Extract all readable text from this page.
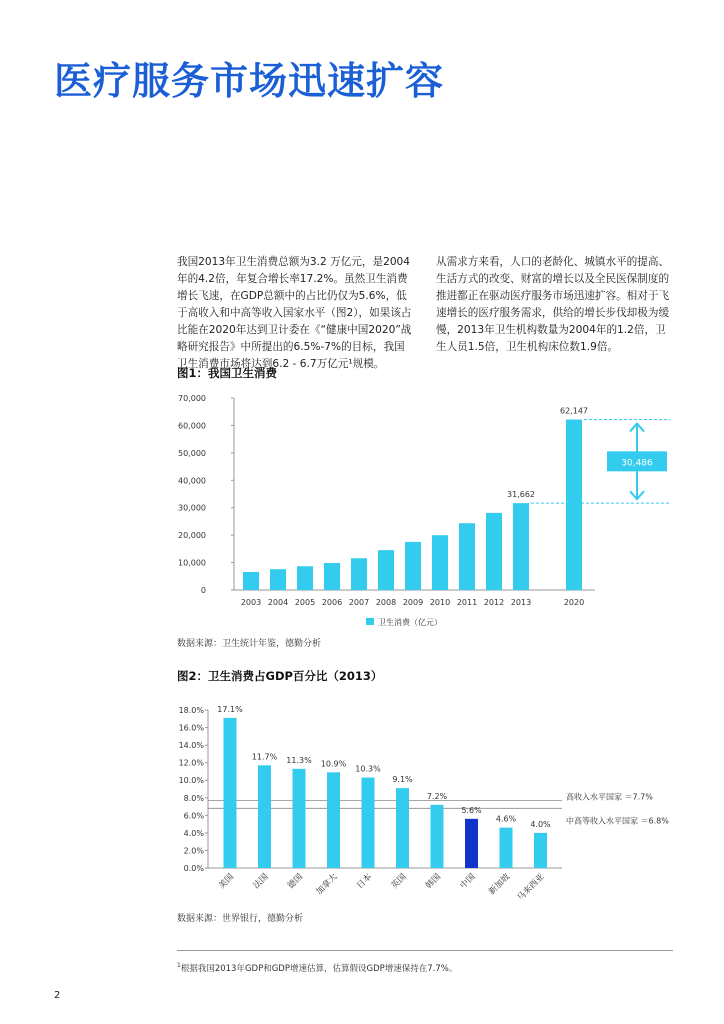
医疗服务市场迅速扩容

我国2013年卫生消费总额为3.2 万亿元，是2004年的4.2倍，年复合增长率17.2%。虽然卫生消费增长飞速，在GDP总额中的占比仍仅为5.6%，低于高收入和中高等收入国家水平（图2），如果该占比能在2020年达到卫计委在《“健康中国2020”战略研究报告》中所提出的6.5%-7%的目标，我国卫生消费市场将达到6.2 - 6.7万亿元¹规模。

从需求方来看，人口的老龄化、城镇水平的提高、生活方式的改变、财富的增长以及全民医保制度的推进都正在驱动医疗服务市场迅速扩容。相对于飞速增长的医疗服务需求，供给的增长步伐却极为缓慢，2013年卫生机构数量为2004年的1.2倍，卫生人员1.5倍，卫生机构床位数1.9倍。

图1：我国卫生消费
0
10,000
20,000
30,000
40,000
50,000
60,000
70,000
2003 2004 2005 2006 2007 2008 2009 2010 2011 2012 2013
31,662
2020
62,147
30,486
卫生消费（亿元）
数据来源：卫生统计年鉴，德勤分析
图2：卫生消费占GDP百分比（2013）
0.0%
2.0%
4.0%
6.0%
8.0%
10.0%
12.0%
14.0%
16.0%
18.0%
高收入水平国家 ＝7.7%
中高等收入水平国家 ＝6.8%
17.1%
美国
11.7%
法国
11.3%
德国
10.9%
加拿大
10.3%
日本
9.1%
英国
7.2%
韩国
5.6%
中国
4.6%
新加坡
4.0%
马来西亚
数据来源：世界银行，德勤分析
$^1$根据我国2013年GDP和GDP增速估算，估算假设GDP增速保持在7.7%。
2
